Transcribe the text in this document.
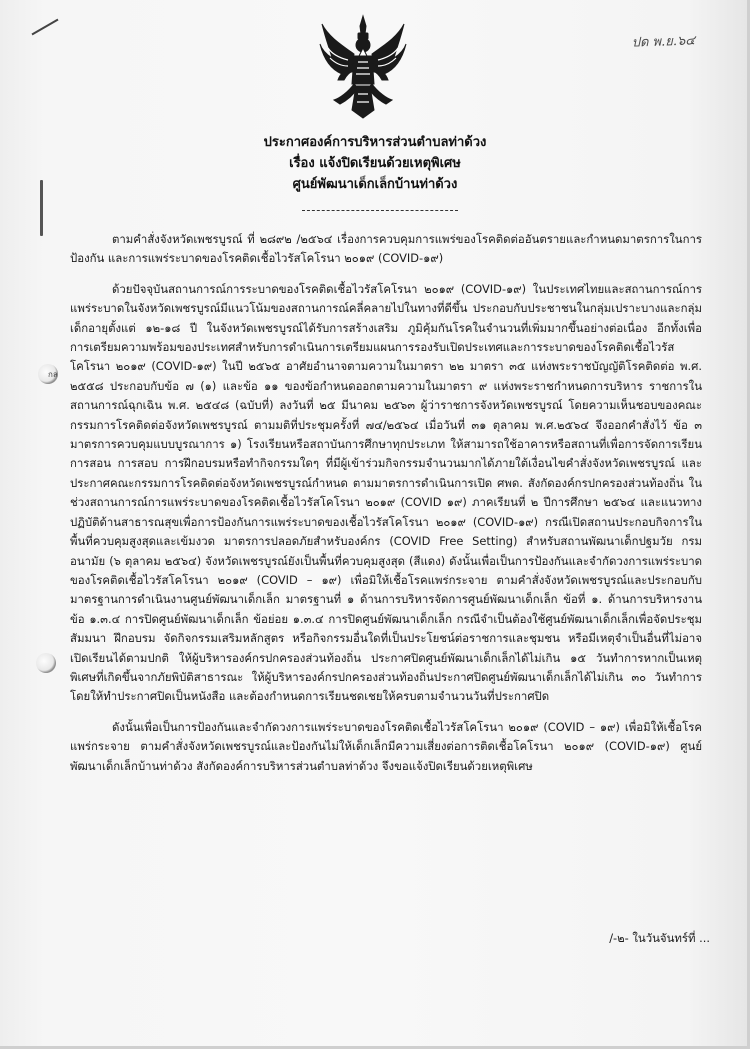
ปด พ.ย.๖๔
กล
ประกาศองค์การบริหารส่วนตำบลท่าด้วง
เรื่อง แจ้งปิดเรียนด้วยเหตุพิเศษ
ศูนย์พัฒนาเด็กเล็กบ้านท่าด้วง

ตามคำสั่งจังหวัดเพชรบูรณ์ ที่ ๒๘๙๒ /๒๕๖๔ เรื่องการควบคุมการแพร่ของโรคติดต่ออันตรายและกำหนดมาตรการในการป้องกัน และการแพร่ระบาดของโรคติดเชื้อไวรัสโคโรนา ๒๐๑๙ (COVID-๑๙)

ด้วยปัจจุบันสถานการณ์การระบาดของโรคติดเชื้อไวรัสโคโรนา ๒๐๑๙ (COVID-๑๙) ในประเทศไทยและสถานการณ์การแพร่ระบาดในจังหวัดเพชรบูรณ์มีแนวโน้มของสถานการณ์คลี่คลายไปในทางที่ดีขึ้น ประกอบกับประชาชนในกลุ่มเปราะบางและกลุ่มเด็กอายุตั้งแต่ ๑๒-๑๘ ปี ในจังหวัดเพชรบูรณ์ได้รับการสร้างเสริม ภูมิคุ้มกันโรคในจำนวนที่เพิ่มมากขึ้นอย่างต่อเนื่อง อีกทั้งเพื่อการเตรียมความพร้อมของประเทศสำหรับการดำเนินการเตรียมแผนการรองรับเปิดประเทศและการระบาดของโรคติดเชื้อไวรัสโคโรนา ๒๐๑๙ (COVID-๑๙) ในปี ๒๕๖๕ อาศัยอำนาจตามความในมาตรา ๒๒ มาตรา ๓๕ แห่งพระราชบัญญัติโรคติดต่อ พ.ศ. ๒๕๕๘ ประกอบกับข้อ ๗ (๑) และข้อ ๑๑ ของข้อกำหนดออกตามความในมาตรา ๙ แห่งพระราชกำหนดการบริหาร ราชการในสถานการณ์ฉุกเฉิน พ.ศ. ๒๕๔๘ (ฉบับที่) ลงวันที่ ๒๕ มีนาคม ๒๕๖๓ ผู้ว่าราชการจังหวัดเพชรบูรณ์ โดยความเห็นชอบของคณะกรรมการโรคติดต่อจังหวัดเพชรบูรณ์ ตามมติที่ประชุมครั้งที่ ๗๔/๒๕๖๔ เมื่อวันที่ ๓๑ ตุลาคม พ.ศ.๒๕๖๔ จึงออกคำสั่งไว้ ข้อ ๓ มาตรการควบคุมแบบบูรณาการ ๑) โรงเรียนหรือสถาบันการศึกษาทุกประเภท ให้สามารถใช้อาคารหรือสถานที่เพื่อการจัดการเรียนการสอน การสอบ การฝึกอบรมหรือทำกิจกรรมใดๆ ที่มีผู้เข้าร่วมกิจกรรมจำนวนมากได้ภายใต้เงื่อนไขคำสั่งจังหวัดเพชรบูรณ์ และประกาศคณะกรรมการโรคติดต่อจังหวัดเพชรบูรณ์กำหนด ตามมาตรการดำเนินการเปิด ศพด. สังกัดองค์กรปกครองส่วนท้องถิ่น ในช่วงสถานการณ์การแพร่ระบาดของโรคติดเชื้อไวรัสโคโรนา ๒๐๑๙ (COVID ๑๙) ภาคเรียนที่ ๒ ปีการศึกษา ๒๕๖๔ และแนวทางปฏิบัติด้านสาธารณสุขเพื่อการป้องกันการแพร่ระบาดของเชื้อไวรัสโคโรนา ๒๐๑๙ (COVID-๑๙) กรณีเปิดสถานประกอบกิจการในพื้นที่ควบคุมสูงสุดและเข้มงวด มาตรการปลอดภัยสำหรับองค์กร (COVID Free Setting) สำหรับสถานพัฒนาเด็กปฐมวัย กรมอนามัย (๖ ตุลาคม ๒๕๖๔) จังหวัดเพชรบูรณ์ยังเป็นพื้นที่ควบคุมสูงสุด (สีแดง) ดังนั้นเพื่อเป็นการป้องกันและจำกัดวงการแพร่ระบาดของโรคติดเชื้อไวรัสโคโรนา ๒๐๑๙ (COVID – ๑๙) เพื่อมิให้เชื้อโรคแพร่กระจาย ตามคำสั่งจังหวัดเพชรบูรณ์และประกอบกับมาตรฐานการดำเนินงานศูนย์พัฒนาเด็กเล็ก มาตรฐานที่ ๑ ด้านการบริหารจัดการศูนย์พัฒนาเด็กเล็ก ข้อที่ ๑. ด้านการบริหารงาน ข้อ ๑.๓.๔ การปิดศูนย์พัฒนาเด็กเล็ก ข้อย่อย ๑.๓.๔ การปิดศูนย์พัฒนาเด็กเล็ก กรณีจำเป็นต้องใช้ศูนย์พัฒนาเด็กเล็กเพื่อจัดประชุม สัมมนา ฝึกอบรม จัดกิจกรรมเสริมหลักสูตร หรือกิจกรรมอื่นใดที่เป็นประโยชน์ต่อราชการและชุมชน หรือมีเหตุจำเป็นอื่นที่ไม่อาจเปิดเรียนได้ตามปกติ ให้ผู้บริหารองค์กรปกครองส่วนท้องถิ่น ประกาศปิดศูนย์พัฒนาเด็กเล็กได้ไม่เกิน ๑๕ วันทำการหากเป็นเหตุพิเศษที่เกิดขึ้นจากภัยพิบัติสาธารณะ ให้ผู้บริหารองค์กรปกครองส่วนท้องถิ่นประกาศปิดศูนย์พัฒนาเด็กเล็กได้ไม่เกิน ๓๐ วันทำการ โดยให้ทำประกาศปิดเป็นหนังสือ และต้องกำหนดการเรียนชดเชยให้ครบตามจำนวนวันที่ประกาศปิด

ดังนั้นเพื่อเป็นการป้องกันและจำกัดวงการแพร่ระบาดของโรคติดเชื้อไวรัสโคโรนา ๒๐๑๙ (COVID – ๑๙) เพื่อมิให้เชื้อโรคแพร่กระจาย ตามคำสั่งจังหวัดเพชรบูรณ์และป้องกันไม่ให้เด็กเล็กมีความเสี่ยงต่อการติดเชื้อโคโรนา ๒๐๑๙ (COVID-๑๙) ศูนย์พัฒนาเด็กเล็กบ้านท่าด้วง สังกัดองค์การบริหารส่วนตำบลท่าด้วง จึงขอแจ้งปิดเรียนด้วยเหตุพิเศษ

/-๒- ในวันจันทร์ที่ ...
